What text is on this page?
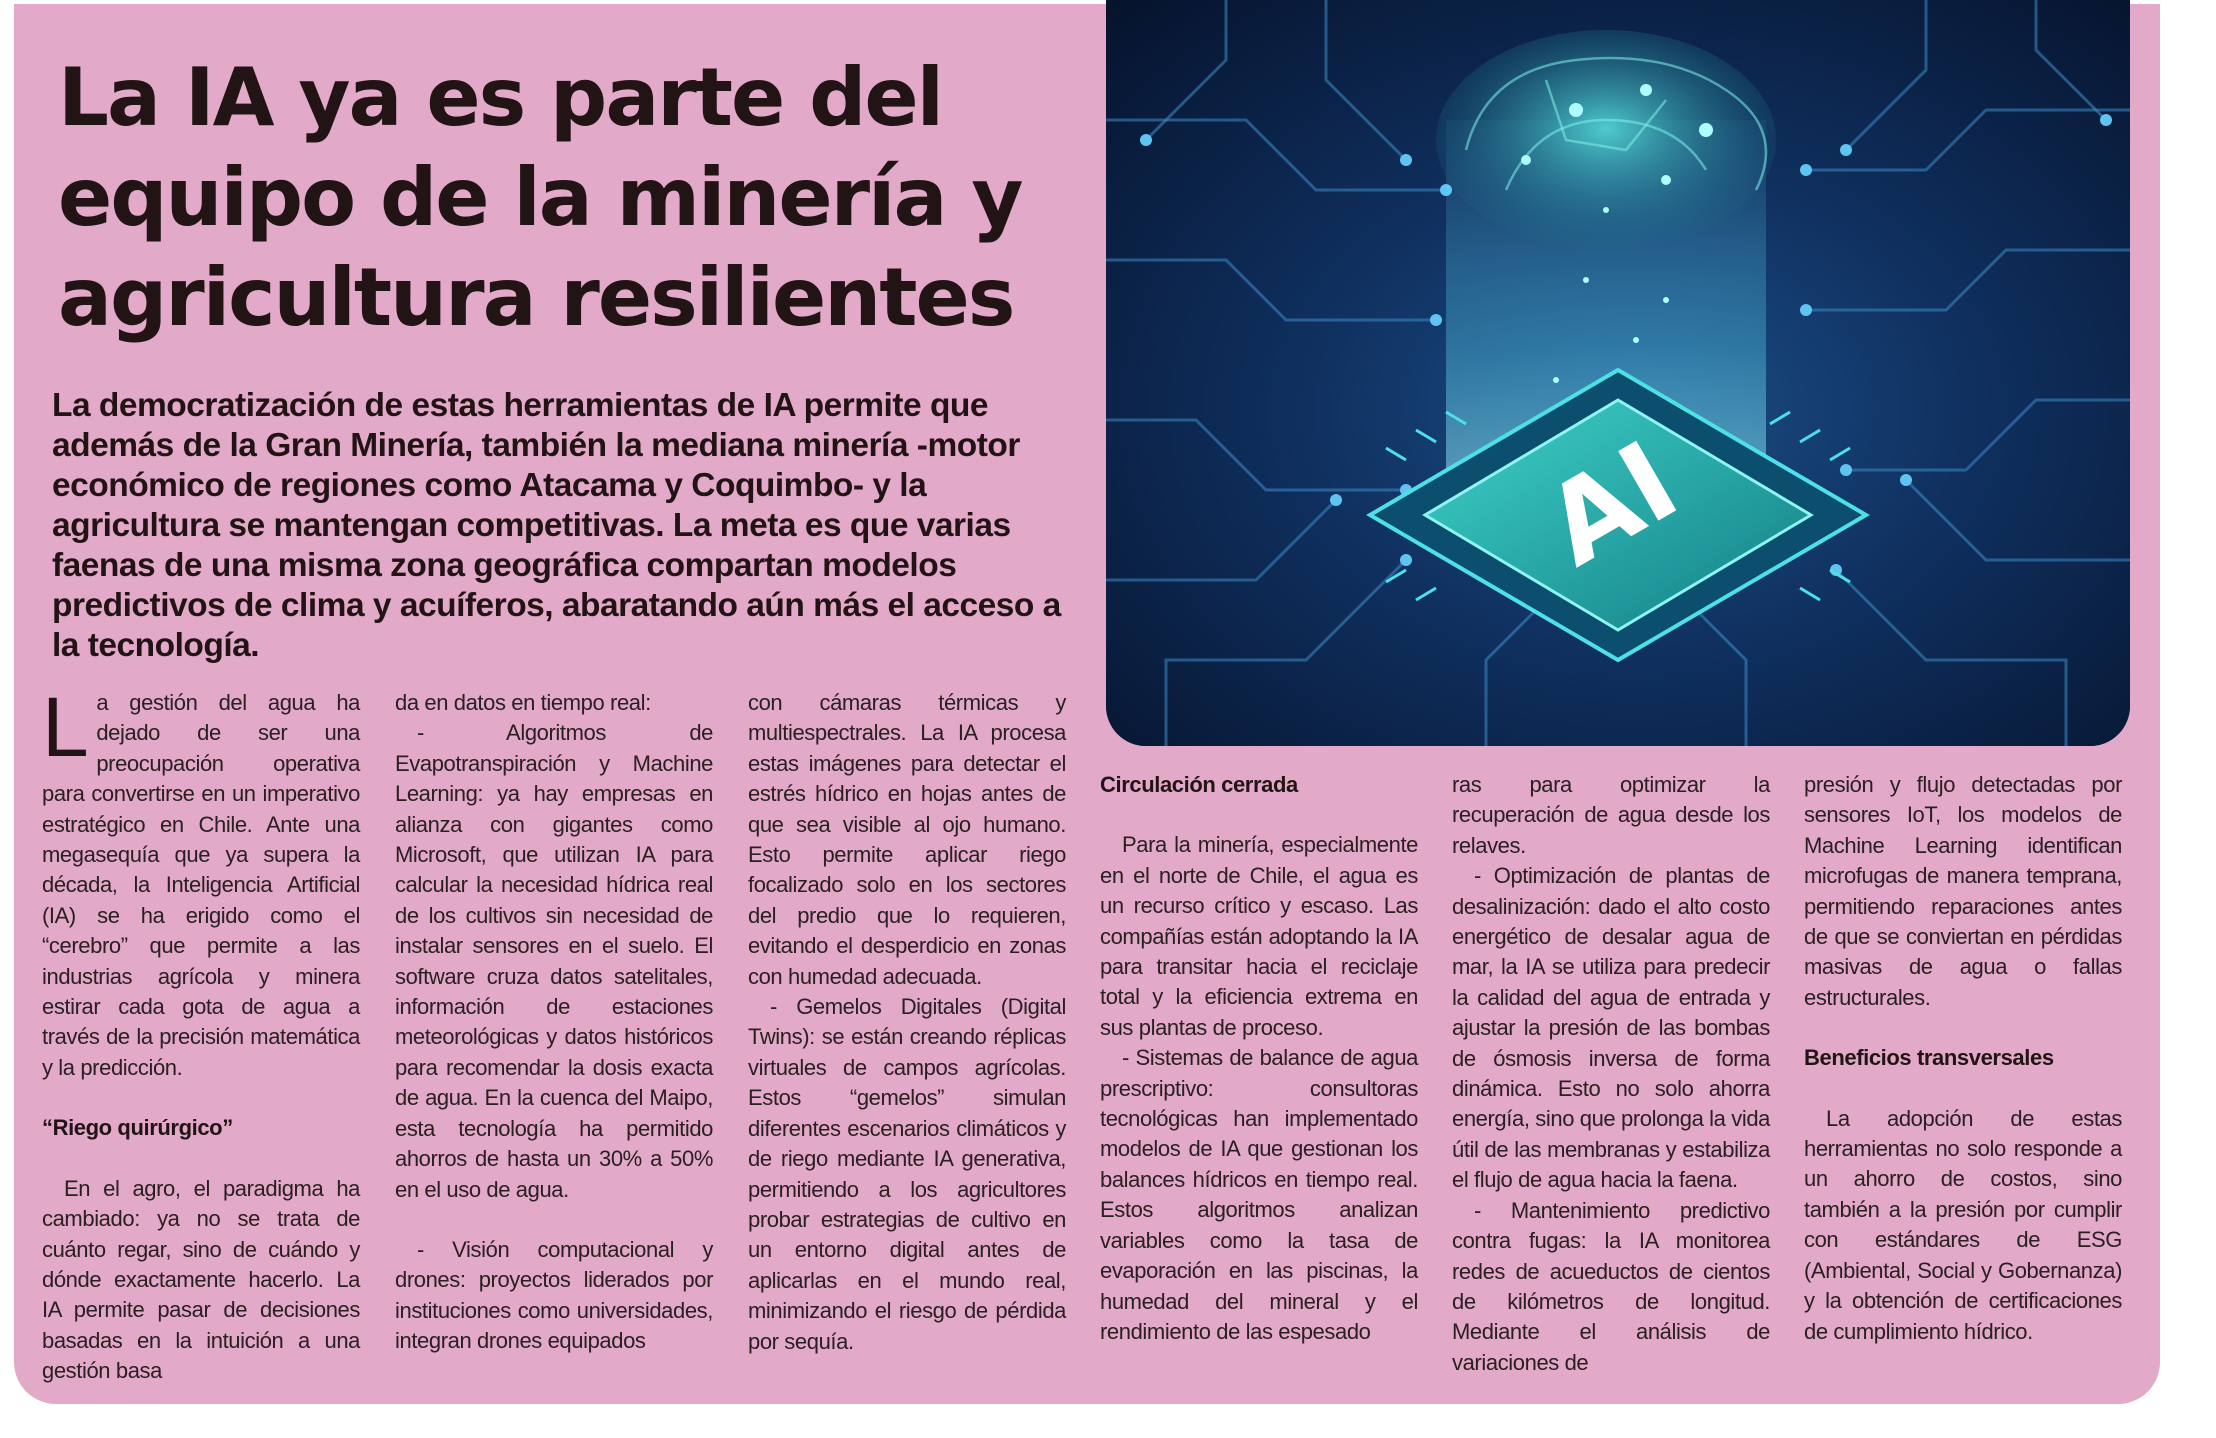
La IA ya es parte del equipo de la minería y agricultura resilientes

La democratización de estas herramientas de IA permite que además de la Gran Minería, también la mediana minería -motor económico de regiones como Atacama y Coquimbo- y la agricultura se mantengan competitivas. La meta es que varias faenas de una misma zona geográfica compartan modelos predictivos de clima y acuíferos, abaratando aún más el acceso a la tecnología.

AI

La gestión del agua ha dejado de ser una preocupación operativa para convertirse en un imperativo estratégico en Chile. Ante una megasequía que ya supera la década, la Inteligencia Artificial (IA) se ha erigido como el “cerebro” que permite a las industrias agrícola y minera estirar cada gota de agua a través de la precisión matemática y la predicción.

“Riego quirúrgico”

En el agro, el paradigma ha cambiado: ya no se trata de cuánto regar, sino de cuándo y dónde exactamente hacerlo. La IA permite pasar de decisiones basadas en la intuición a una gestión basa

da en datos en tiempo real:

- Algoritmos de Evapotranspiración y Machine Learning: ya hay empresas en alianza con gigantes como Microsoft, que utilizan IA para calcular la necesidad hídrica real de los cultivos sin necesidad de instalar sensores en el suelo. El software cruza datos satelitales, información de estaciones meteorológicas y datos históricos para recomendar la dosis exacta de agua. En la cuenca del Maipo, esta tecnología ha permitido ahorros de hasta un 30% a 50% en el uso de agua.

- Visión computacional y drones: proyectos liderados por instituciones como universidades, integran drones equipados

con cámaras térmicas y multiespectrales. La IA procesa estas imágenes para detectar el estrés hídrico en hojas antes de que sea visible al ojo humano. Esto permite aplicar riego focalizado solo en los sectores del predio que lo requieren, evitando el desperdicio en zonas con humedad adecuada.

- Gemelos Digitales (Digital Twins): se están creando réplicas virtuales de campos agrícolas. Estos “gemelos” simulan diferentes escenarios climáticos y de riego mediante IA generativa, permitiendo a los agricultores probar estrategias de cultivo en un entorno digital antes de aplicarlas en el mundo real, minimizando el riesgo de pérdida por sequía.

Circulación cerrada

Para la minería, especialmente en el norte de Chile, el agua es un recurso crítico y escaso. Las compañías están adoptando la IA para transitar hacia el reciclaje total y la eficiencia extrema en sus plantas de proceso.

- Sistemas de balance de agua prescriptivo: consultoras tecnológicas han implementado modelos de IA que gestionan los balances hídricos en tiempo real. Estos algoritmos analizan variables como la tasa de evaporación en las piscinas, la humedad del mineral y el rendimiento de las espesado

ras para optimizar la recuperación de agua desde los relaves.

- Optimización de plantas de desalinización: dado el alto costo energético de desalar agua de mar, la IA se utiliza para predecir la calidad del agua de entrada y ajustar la presión de las bombas de ósmosis inversa de forma dinámica. Esto no solo ahorra energía, sino que prolonga la vida útil de las membranas y estabiliza el flujo de agua hacia la faena.

- Mantenimiento predictivo contra fugas: la IA monitorea redes de acueductos de cientos de kilómetros de longitud. Mediante el análisis de variaciones de

presión y flujo detectadas por sensores IoT, los modelos de Machine Learning identifican microfugas de manera temprana, permitiendo reparaciones antes de que se conviertan en pérdidas masivas de agua o fallas estructurales.

Beneficios transversales

La adopción de estas herramientas no solo responde a un ahorro de costos, sino también a la presión por cumplir con estándares de ESG (Ambiental, Social y Gobernanza) y la obtención de certificaciones de cumplimiento hídrico.
